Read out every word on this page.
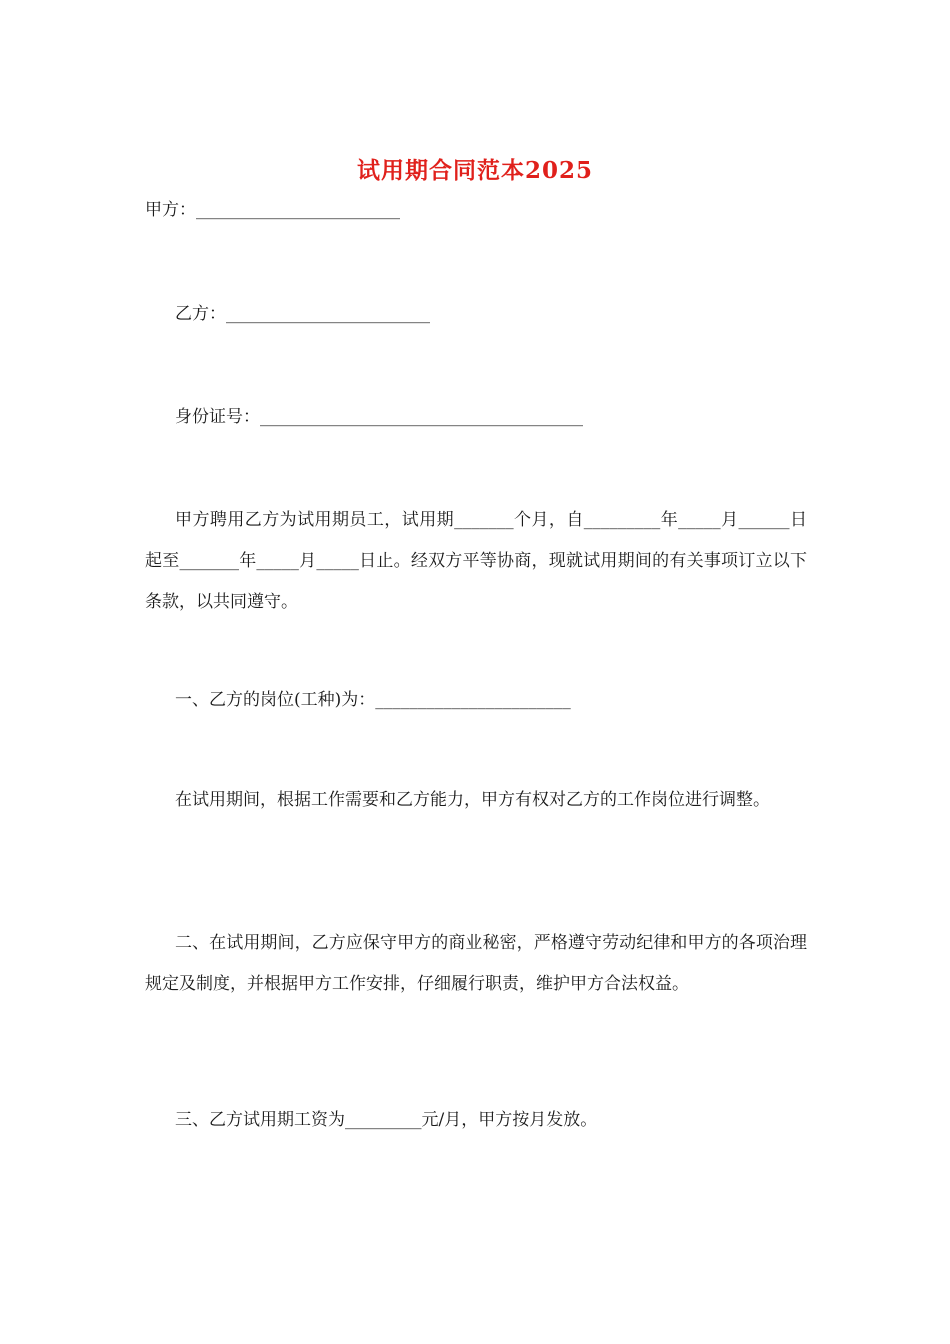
试用期合同范本2025
甲方：________________________
乙方：________________________
身份证号：______________________________________
甲方聘用乙方为试用期员工，试用期_______个月，自_________年_____月______日起至_______年_____月_____日止。经双方平等协商，现就试用期间的有关事项订立以下条款，以共同遵守。
一、乙方的岗位(工种)为：_______________________
在试用期间，根据工作需要和乙方能力，甲方有权对乙方的工作岗位进行调整。
二、在试用期间，乙方应保守甲方的商业秘密，严格遵守劳动纪律和甲方的各项治理规定及制度，并根据甲方工作安排，仔细履行职责，维护甲方合法权益。
三、乙方试用期工资为_________元/月，甲方按月发放。
